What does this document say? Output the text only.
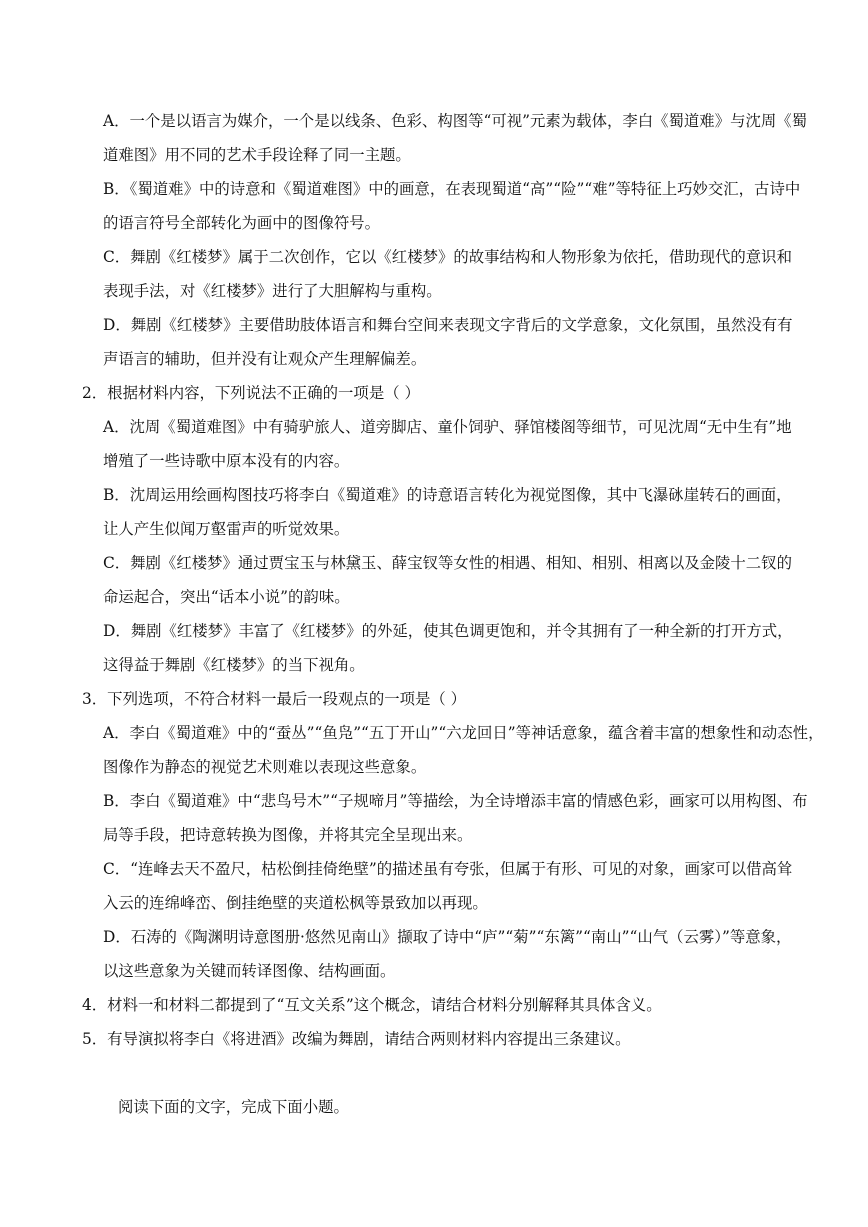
A．一个是以语言为媒介，一个是以线条、色彩、构图等“可视”元素为载体，李白《蜀道难》与沈周《蜀
道难图》用不同的艺术手段诠释了同一主题。
B．《蜀道难》中的诗意和《蜀道难图》中的画意，在表现蜀道“高”“险”“难”等特征上巧妙交汇，古诗中
的语言符号全部转化为画中的图像符号。
C．舞剧《红楼梦》属于二次创作，它以《红楼梦》的故事结构和人物形象为依托，借助现代的意识和
表现手法，对《红楼梦》进行了大胆解构与重构。
D．舞剧《红楼梦》主要借助肢体语言和舞台空间来表现文字背后的文学意象，文化氛围，虽然没有有
声语言的辅助，但并没有让观众产生理解偏差。
2．根据材料内容，下列说法不正确的一项是（ ）
A．沈周《蜀道难图》中有骑驴旅人、道旁脚店、童仆饲驴、驿馆楼阁等细节，可见沈周“无中生有”地
增殖了一些诗歌中原本没有的内容。
B．沈周运用绘画构图技巧将李白《蜀道难》的诗意语言转化为视觉图像，其中飞瀑砯崖转石的画面，
让人产生似闻万壑雷声的听觉效果。
C．舞剧《红楼梦》通过贾宝玉与林黛玉、薛宝钗等女性的相遇、相知、相别、相离以及金陵十二钗的
命运起合，突出“话本小说”的韵味。
D．舞剧《红楼梦》丰富了《红楼梦》的外延，使其色调更饱和，并令其拥有了一种全新的打开方式，
这得益于舞剧《红楼梦》的当下视角。
3．下列选项，不符合材料一最后一段观点的一项是（ ）
A．李白《蜀道难》中的“蚕丛”“鱼凫”“五丁开山”“六龙回日”等神话意象，蕴含着丰富的想象性和动态性，
图像作为静态的视觉艺术则难以表现这些意象。
B．李白《蜀道难》中“悲鸟号木”“子规啼月”等描绘，为全诗增添丰富的情感色彩，画家可以用构图、布
局等手段，把诗意转换为图像，并将其完全呈现出来。
C．“连峰去天不盈尺，枯松倒挂倚绝壁”的描述虽有夸张，但属于有形、可见的对象，画家可以借高耸
入云的连绵峰峦、倒挂绝壁的夹道松枫等景致加以再现。
D．石涛的《陶渊明诗意图册·悠然见南山》撷取了诗中“庐”“菊”“东篱”“南山”“山气（云雾）”等意象，
以这些意象为关键而转译图像、结构画面。
4．材料一和材料二都提到了“互文关系”这个概念，请结合材料分别解释其具体含义。
5．有导演拟将李白《将进酒》改编为舞剧，请结合两则材料内容提出三条建议。
阅读下面的文字，完成下面小题。
